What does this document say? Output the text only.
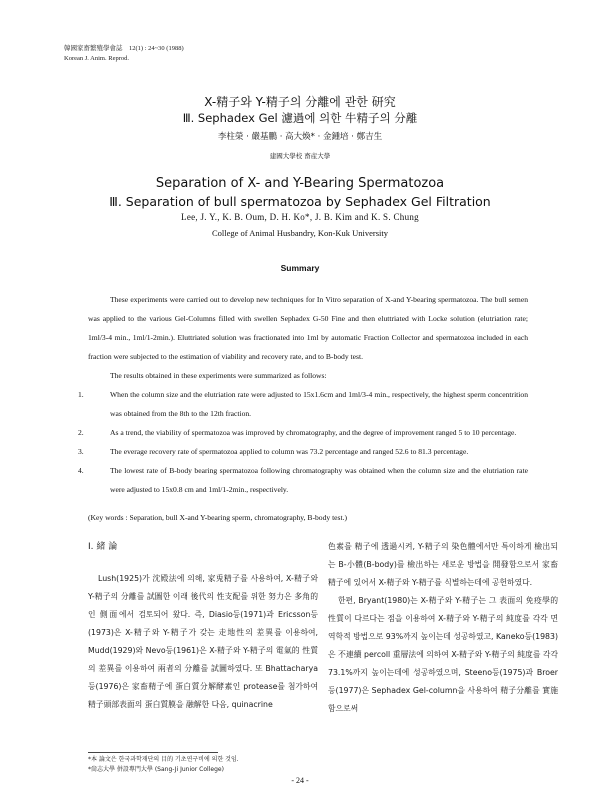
韓國家畜繁殖學會誌　12(1) : 24~30 (1988)
Korean J. Anim. Reprod.
X-精子와 Y-精子의 分離에 관한 研究
Ⅲ. Sephadex Gel 濾過에 의한 牛精子의 分離
李柱榮 · 嚴基鵬 · 高大煥* · 金鍾培 · 鄭吉生
建國大學校 畜産大學
Separation of X- and Y-Bearing Spermatozoa
Ⅲ. Separation of bull spermatozoa by Sephadex Gel Filtration
Lee, J. Y., K. B. Oum, D. H. Ko*, J. B. Kim and K. S. Chung
College of Animal Husbandry, Kon-Kuk University
Summary

These experiments were carried out to develop new techniques for In Vitro separation of X-and Y-bearing spermatozoa. The bull semen was applied to the various Gel-Columns filled with swellen Sephadex G-50 Fine and then eluttriated with Locke solution (elutriation rate; 1ml/3-4 min., 1ml/1-2min.). Eluttriated solution was fractionated into 1ml by automatic Fraction Collector and spermatozoa included in each fraction were subjected to the estimation of viability and recovery rate, and to B-body test.

The results obtained in these experiments were summarized as follows:

1.	When the column size and the elutriation rate were adjusted to 15x1.6cm and 1ml/3-4 min., respectively, the highest sperm concentrition was obtained from the 8th to the 12th fraction.
2.	As a trend, the viability of spermatozoa was improved by chromatography, and the degree of improvement ranged 5 to 10 percentage.
3.	The everage recovery rate of spermatozoa applied to column was 73.2 percentage and ranged 52.6 to 81.3 percentage.
4.	The lowest rate of B-body bearing spermatozoa following chromatography was obtained when the column size and the elutriation rate were adjusted to 15x0.8 cm and 1ml/1-2min., respectively.
(Key words : Separation, bull X-and Y-bearing sperm, chromatography, B-body test.)
Ⅰ. 緒 論

Lush(1925)가 沈殿法에 의해, 家兎精子를 사용하여, X-精子와 Y-精子의 分離를 試圖한 이래 後代의 性支配를 위한 努力은 多角的인 側面에서 검토되어 왔다. 즉, Diasio등(1971)과 Ericsson등(1973)은 X-精子와 Y-精子가 갖는 走地性의 差異를 이용하여, Mudd(1929)와 Nevo등(1961)은 X-精子와 Y-精子의 電氣的 性質의 差異를 이용하여 兩者의 分離를 試圖하였다. 또 Bhattacharya등(1976)은 家畜精子에 蛋白質分解酵素인 protease를 첨가하여 精子頭部表面의 蛋白質膜을 融解한 다음, quinacrine

色素를 精子에 透過시켜, Y-精子의 染色體에서만 특이하게 檢出되는 B-小體(B-body)를 檢出하는 새로운 방법을 開發함으로서 家畜精子에 있어서 X-精子와 Y-精子를 식별하는데에 공헌하였다.

한편, Bryant(1980)는 X-精子와 Y-精子는 그 表面의 免疫學的 性質이 다르다는 점을 이용하여 X-精子와 Y-精子의 純度를 각각 면역학적 방법으로 93%까지 높이는데 성공하였고, Kaneko등(1983)은 不連續 percoll 重層法에 의하여 X-精子와 Y-精子의 純度를 각각 73.1%까지 높이는데에 성공하였으며, Steeno등(1975)과 Broer등(1977)은 Sephadex Gel-column을 사용하여 精子分離를 實施함으로써

*本 論文은 한국과학재단의 目的 기초연구비에 의한 것임.
*尙志大學 併設專門大學 (Sang-Ji Junior College)
- 24 -
